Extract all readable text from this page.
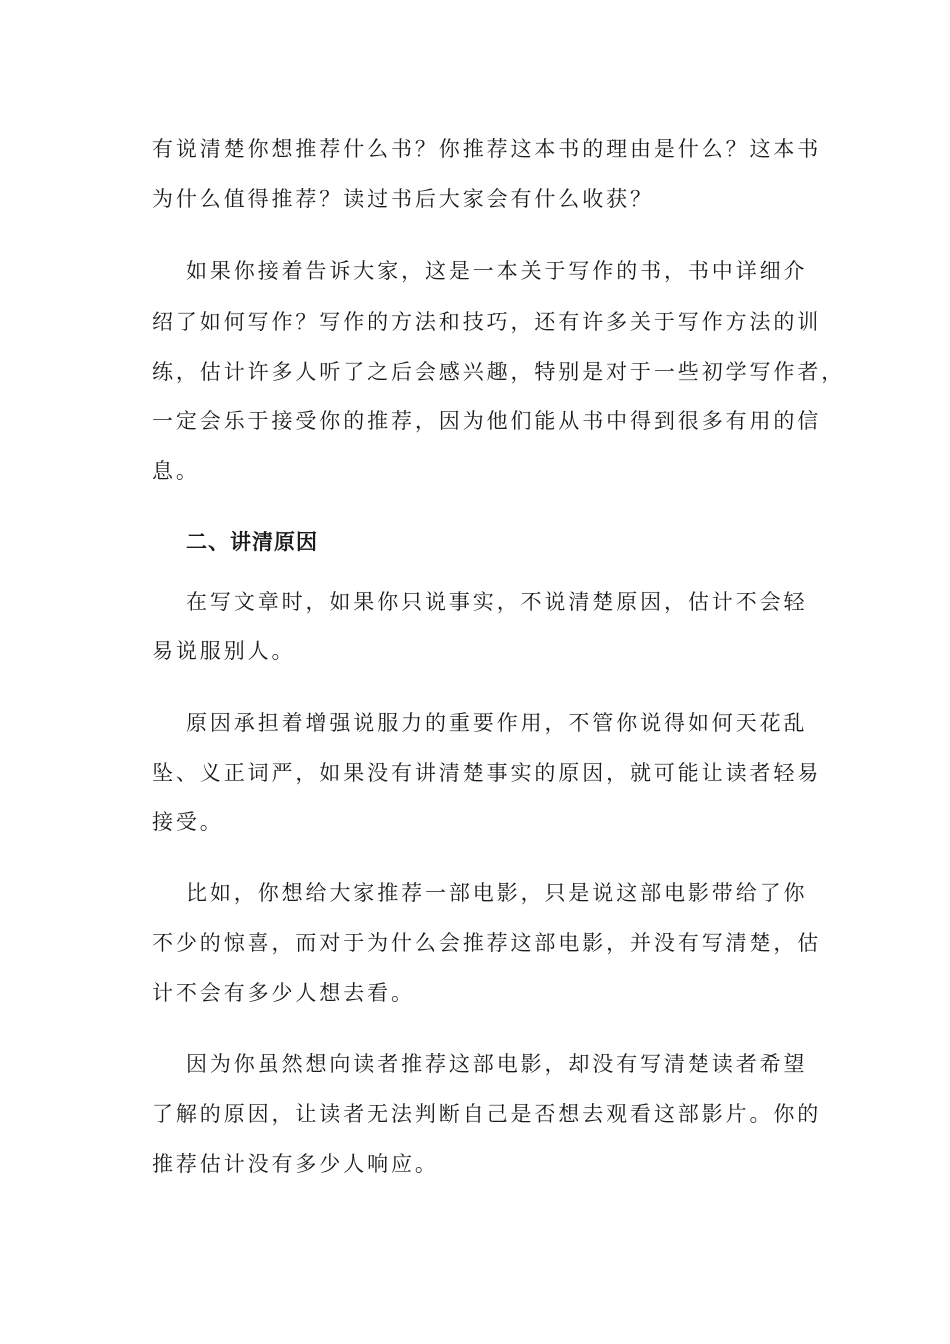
有说清楚你想推荐什么书？你推荐这本书的理由是什么？这本书
为什么值得推荐？读过书后大家会有什么收获？
如果你接着告诉大家，这是一本关于写作的书，书中详细介
绍了如何写作？写作的方法和技巧，还有许多关于写作方法的训
练，估计许多人听了之后会感兴趣，特别是对于一些初学写作者，
一定会乐于接受你的推荐，因为他们能从书中得到很多有用的信
息。
二、讲清原因
在写文章时，如果你只说事实，不说清楚原因，估计不会轻
易说服别人。
原因承担着增强说服力的重要作用，不管你说得如何天花乱
坠、义正词严，如果没有讲清楚事实的原因，就可能让读者轻易
接受。
比如，你想给大家推荐一部电影，只是说这部电影带给了你
不少的惊喜，而对于为什么会推荐这部电影，并没有写清楚，估
计不会有多少人想去看。
因为你虽然想向读者推荐这部电影，却没有写清楚读者希望
了解的原因，让读者无法判断自己是否想去观看这部影片。你的
推荐估计没有多少人响应。
